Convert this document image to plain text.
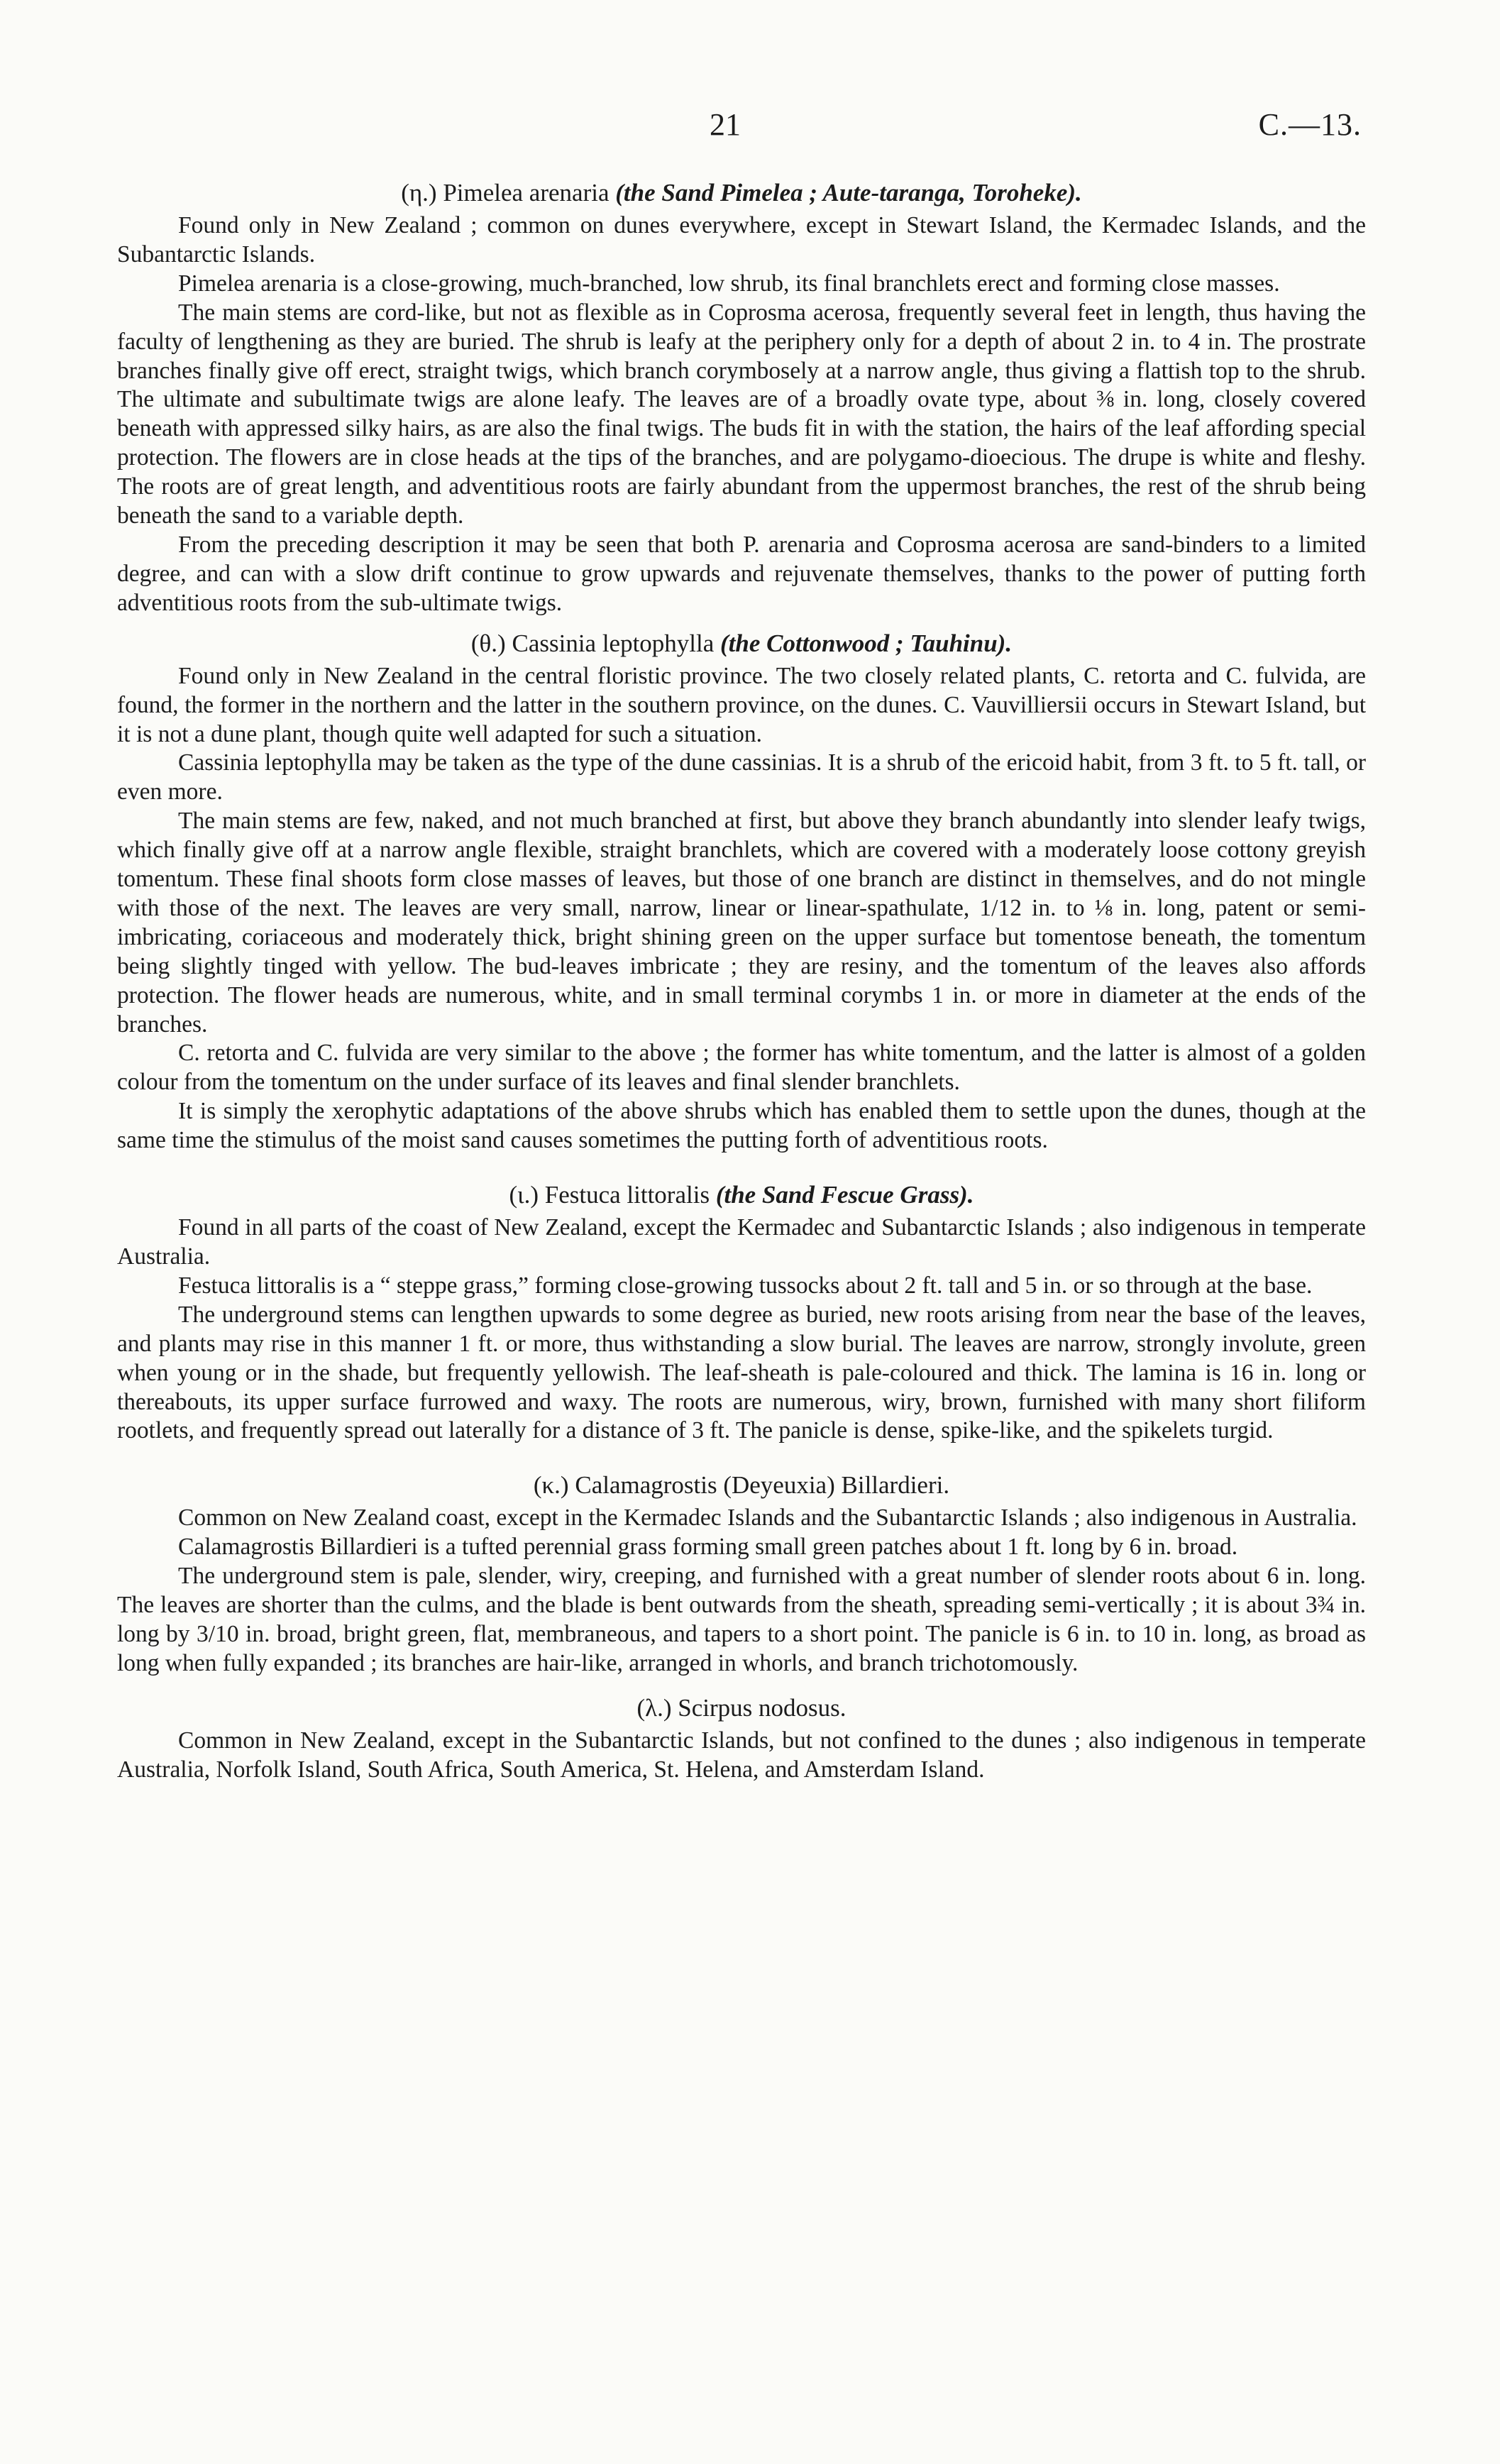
21	C.—13.
(η.) Pimelea arenaria (the Sand Pimelea ; Aute-taranga, Toroheke).

Found only in New Zealand ; common on dunes everywhere, except in Stewart Island, the Kermadec Islands, and the Subantarctic Islands.

Pimelea arenaria is a close-growing, much-branched, low shrub, its final branchlets erect and forming close masses.

The main stems are cord-like, but not as flexible as in Coprosma acerosa, frequently several feet in length, thus having the faculty of lengthening as they are buried. The shrub is leafy at the periphery only for a depth of about 2 in. to 4 in. The prostrate branches finally give off erect, straight twigs, which branch corymbosely at a narrow angle, thus giving a flattish top to the shrub. The ultimate and subultimate twigs are alone leafy. The leaves are of a broadly ovate type, about ⅜ in. long, closely covered beneath with appressed silky hairs, as are also the final twigs. The buds fit in with the station, the hairs of the leaf affording special protection. The flowers are in close heads at the tips of the branches, and are polygamo-dioecious. The drupe is white and fleshy. The roots are of great length, and adventitious roots are fairly abundant from the uppermost branches, the rest of the shrub being beneath the sand to a variable depth.

From the preceding description it may be seen that both P. arenaria and Coprosma acerosa are sand-binders to a limited degree, and can with a slow drift continue to grow upwards and rejuvenate themselves, thanks to the power of putting forth adventitious roots from the sub-ultimate twigs.

(θ.) Cassinia leptophylla (the Cottonwood ; Tauhinu).

Found only in New Zealand in the central floristic province. The two closely related plants, C. retorta and C. fulvida, are found, the former in the northern and the latter in the southern province, on the dunes. C. Vauvilliersii occurs in Stewart Island, but it is not a dune plant, though quite well adapted for such a situation.

Cassinia leptophylla may be taken as the type of the dune cassinias. It is a shrub of the ericoid habit, from 3 ft. to 5 ft. tall, or even more.

The main stems are few, naked, and not much branched at first, but above they branch abundantly into slender leafy twigs, which finally give off at a narrow angle flexible, straight branchlets, which are covered with a moderately loose cottony greyish tomentum. These final shoots form close masses of leaves, but those of one branch are distinct in themselves, and do not mingle with those of the next. The leaves are very small, narrow, linear or linear-spathulate, 1/12 in. to ⅛ in. long, patent or semi-imbricating, coriaceous and moderately thick, bright shining green on the upper surface but tomentose beneath, the tomentum being slightly tinged with yellow. The bud-leaves imbricate ; they are resiny, and the tomentum of the leaves also affords protection. The flower heads are numerous, white, and in small terminal corymbs 1 in. or more in diameter at the ends of the branches.

C. retorta and C. fulvida are very similar to the above ; the former has white tomentum, and the latter is almost of a golden colour from the tomentum on the under surface of its leaves and final slender branchlets.

It is simply the xerophytic adaptations of the above shrubs which has enabled them to settle upon the dunes, though at the same time the stimulus of the moist sand causes sometimes the putting forth of adventitious roots.

(ι.) Festuca littoralis (the Sand Fescue Grass).

Found in all parts of the coast of New Zealand, except the Kermadec and Subantarctic Islands ; also indigenous in temperate Australia.

Festuca littoralis is a “ steppe grass,” forming close-growing tussocks about 2 ft. tall and 5 in. or so through at the base.

The underground stems can lengthen upwards to some degree as buried, new roots arising from near the base of the leaves, and plants may rise in this manner 1 ft. or more, thus withstanding a slow burial. The leaves are narrow, strongly involute, green when young or in the shade, but frequently yellowish. The leaf-sheath is pale-coloured and thick. The lamina is 16 in. long or thereabouts, its upper surface furrowed and waxy. The roots are numerous, wiry, brown, furnished with many short filiform rootlets, and frequently spread out laterally for a distance of 3 ft. The panicle is dense, spike-like, and the spikelets turgid.

(κ.) Calamagrostis (Deyeuxia) Billardieri.

Common on New Zealand coast, except in the Kermadec Islands and the Subantarctic Islands ; also indigenous in Australia.

Calamagrostis Billardieri is a tufted perennial grass forming small green patches about 1 ft. long by 6 in. broad.

The underground stem is pale, slender, wiry, creeping, and furnished with a great number of slender roots about 6 in. long. The leaves are shorter than the culms, and the blade is bent outwards from the sheath, spreading semi-vertically ; it is about 3¾ in. long by 3/10 in. broad, bright green, flat, membraneous, and tapers to a short point. The panicle is 6 in. to 10 in. long, as broad as long when fully expanded ; its branches are hair-like, arranged in whorls, and branch trichotomously.

(λ.) Scirpus nodosus.

Common in New Zealand, except in the Subantarctic Islands, but not confined to the dunes ; also indigenous in temperate Australia, Norfolk Island, South Africa, South America, St. Helena, and Amsterdam Island.
